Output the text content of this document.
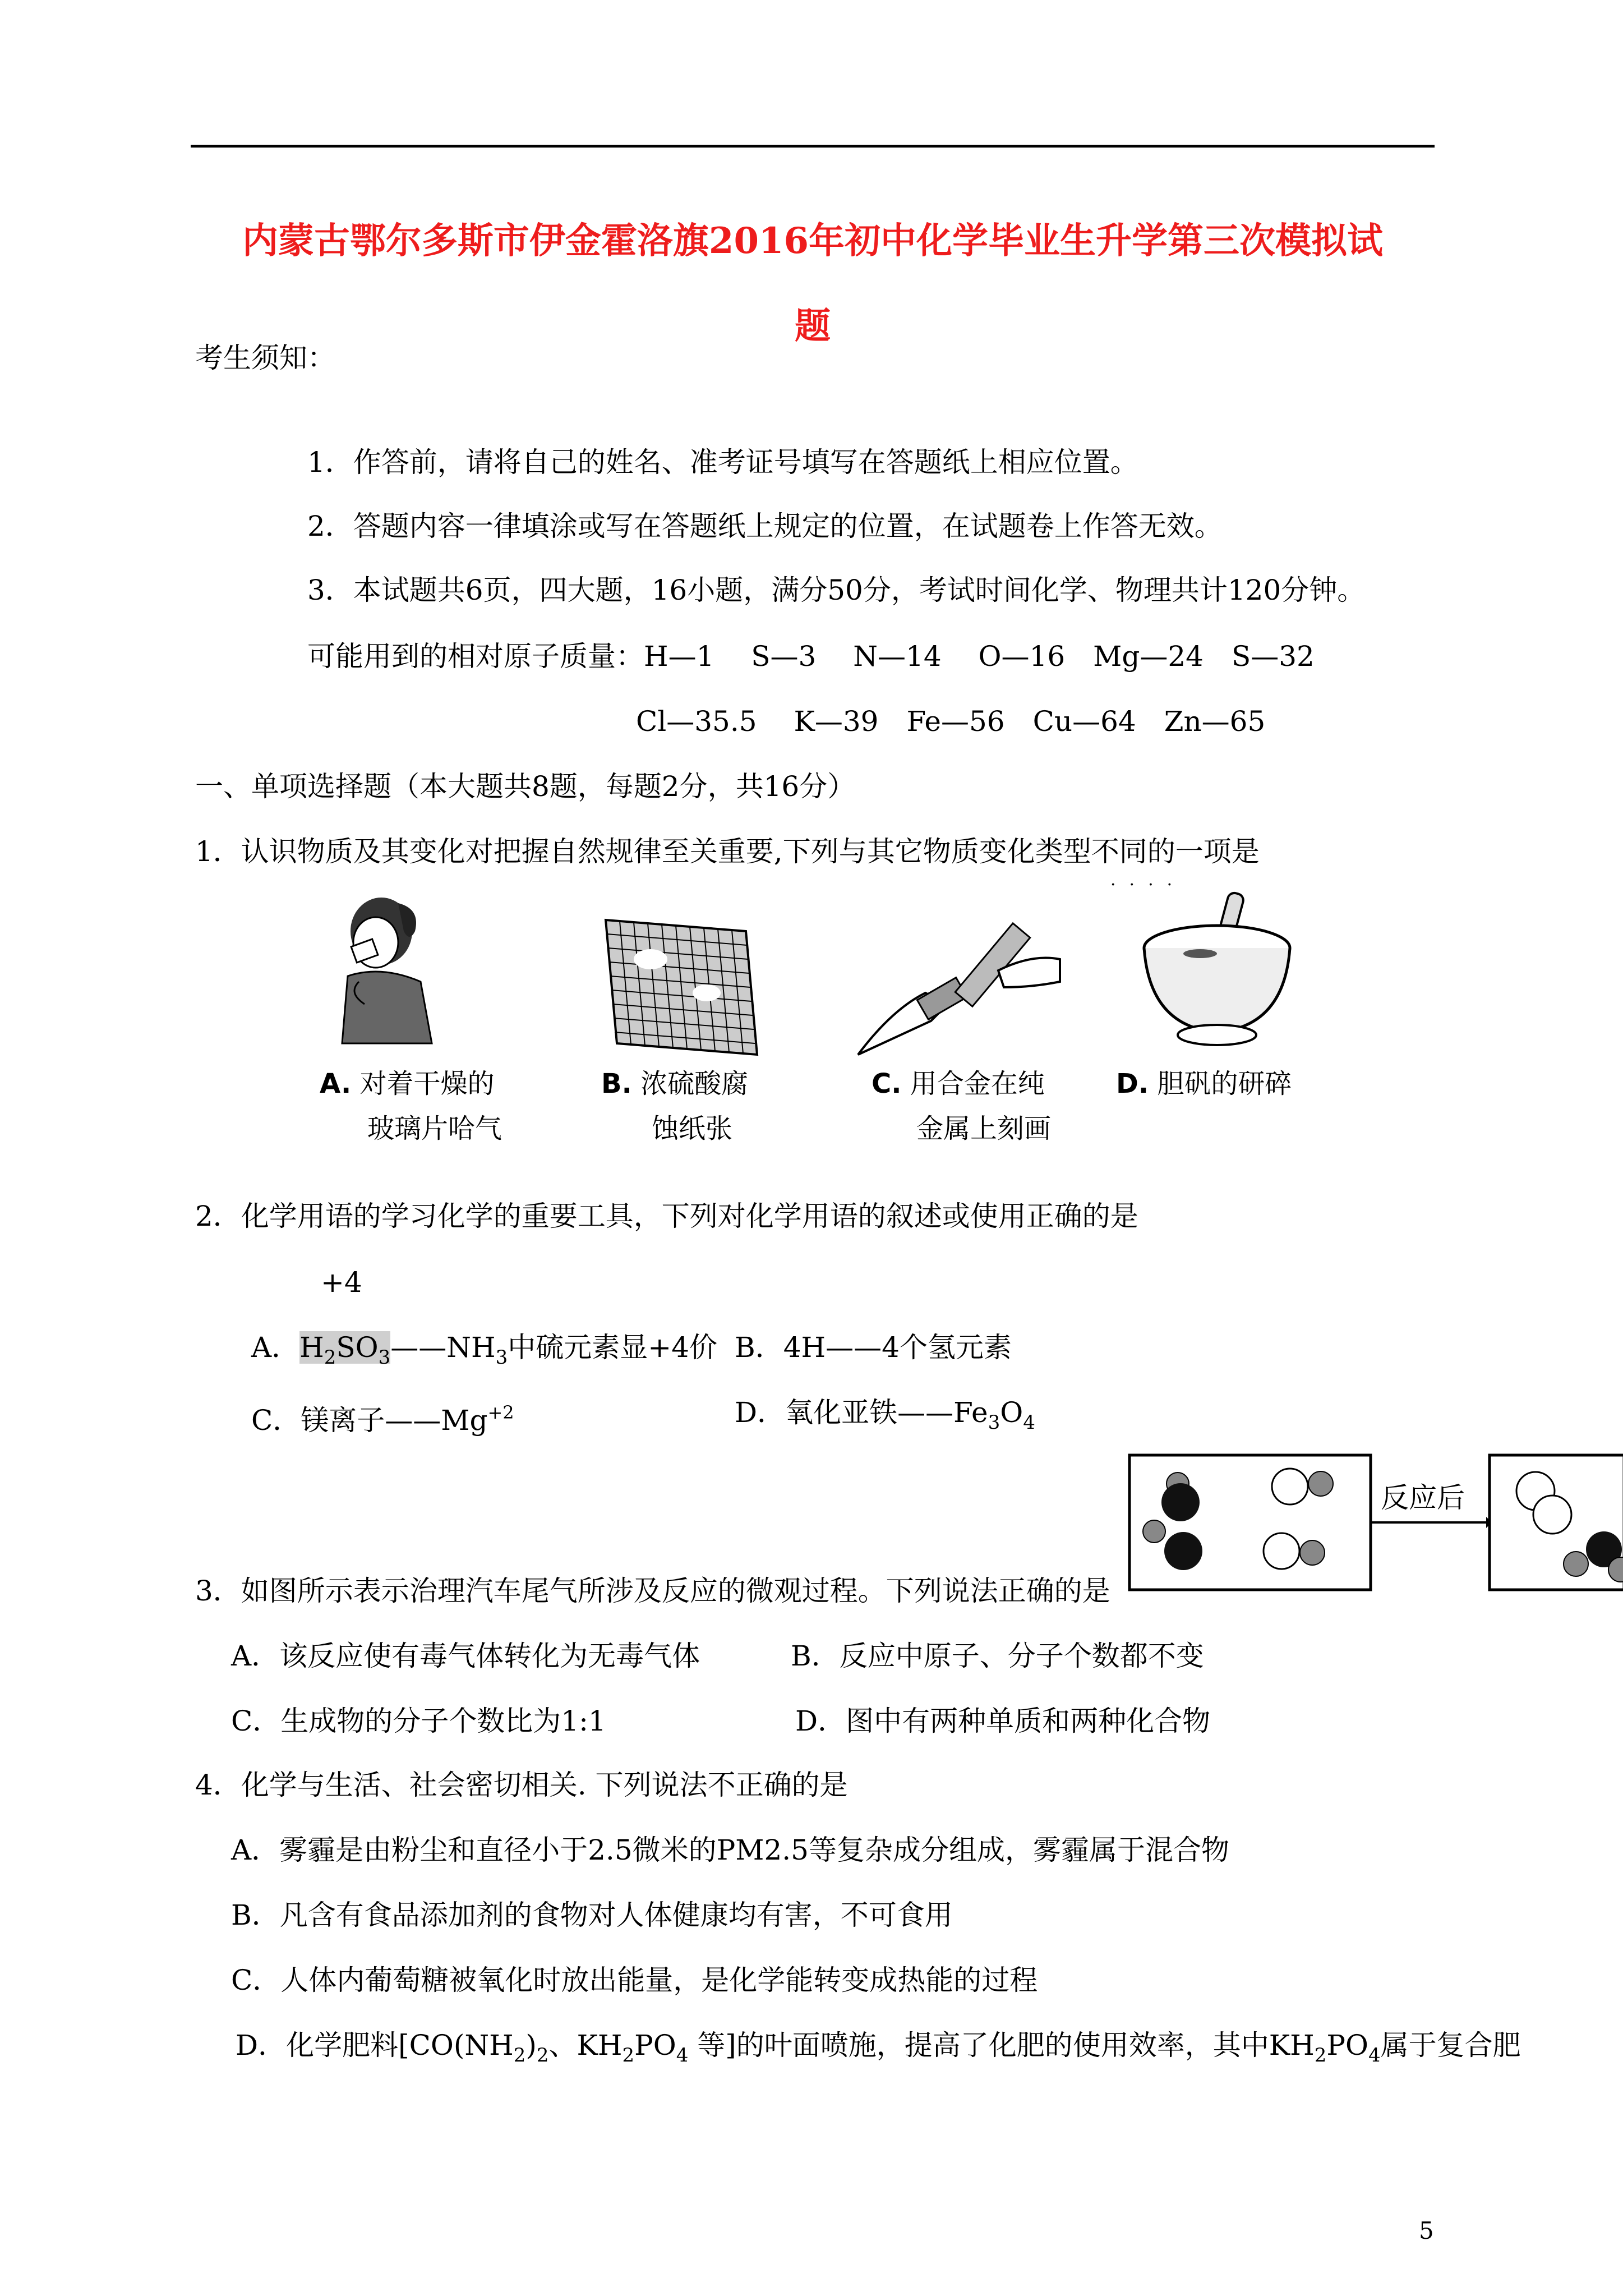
内蒙古鄂尔多斯市伊金霍洛旗2016年初中化学毕业生升学第三次模拟试
题
考生须知：
1．作答前，请将自己的姓名、准考证号填写在答题纸上相应位置。
2．答题内容一律填涂或写在答题纸上规定的位置，在试题卷上作答无效。
3．本试题共6页，四大题，16小题，满分50分，考试时间化学、物理共计120分钟。
可能用到的相对原子质量：H—1　 S—3　 N—14　 O—16　Mg—24　S—32
Cl—35.5　 K—39　Fe—56　Cu—64　Zn—65
一、单项选择题（本大题共8题，每题2分，共16分）
1．认识物质及其变化对把握自然规律至关重要,下列与其它物质变化类型不同的一项是
····
A. 对着干燥的
玻璃片哈气
B. 浓硫酸腐
蚀纸张
C. 用合金在纯
金属上刻画
D. 胆矾的研碎
2．化学用语的学习化学的重要工具，下列对化学用语的叙述或使用正确的是
+4
A．$H_2SO_3——NH_3$中硫元素显+4价 B．4H——4个氢元素
C．镁离子$——Mg^{+2}$	D．氧化亚铁$——Fe_3O_4$
反应后
3．如图所示表示治理汽车尾气所涉及反应的微观过程。下列说法正确的是
A．该反应使有毒气体转化为无毒气体	B．反应中原子、分子个数都不变
C．生成物的分子个数比为1:1	D．图中有两种单质和两种化合物
4．化学与生活、社会密切相关. 下列说法不正确的是
A．雾霾是由粉尘和直径小于2.5微米的PM2.5等复杂成分组成，雾霾属于混合物
B．凡含有食品添加剂的食物对人体健康均有害，不可食用
C．人体内葡萄糖被氧化时放出能量，是化学能转变成热能的过程
D．化学肥料[$CO(NH_2)_2$、$KH_2PO_4$ 等]的叶面喷施，提高了化肥的使用效率，其中$KH_2PO_4$属于复合肥
5
